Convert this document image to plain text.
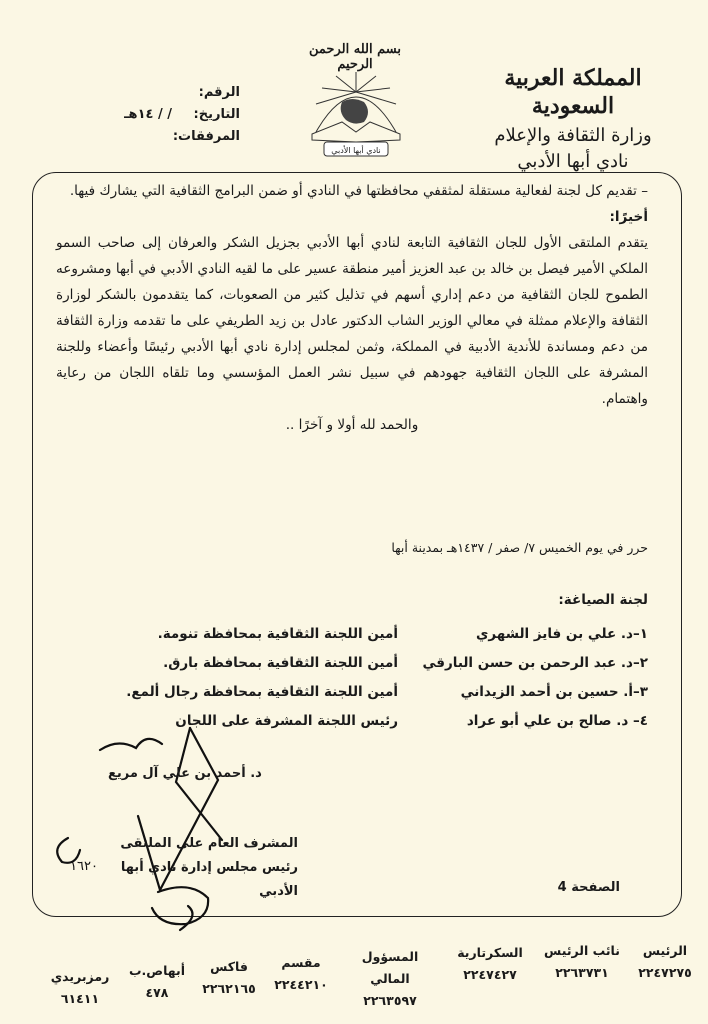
المملكة العربية السعودية
وزارة الثقافة والإعلام
نادي أبها الأدبي
بسم الله الرحمن الرحيم
نادي أبها الأدبي
الرقم:
التاريخ:
/ / ١٤هـ
المرفقات:

– تقديم كل لجنة لفعالية مستقلة لمثقفي محافظتها في النادي أو ضمن البرامج الثقافية التي يشارك فيها.

أخيرًا:

يتقدم الملتقى الأول للجان الثقافية التابعة لنادي أبها الأدبي بجزيل الشكر والعرفان إلى صاحب السمو الملكي الأمير فيصل بن خالد بن عبد العزيز أمير منطقة عسير على ما لقيه النادي الأدبي في أبها ومشروعه الطموح للجان الثقافية من دعم إداري أسهم في تذليل كثير من الصعوبات، كما يتقدمون بالشكر لوزارة الثقافة والإعلام ممثلة في معالي الوزير الشاب الدكتور عادل بن زيد الطريفي على ما تقدمه وزارة الثقافة من دعم ومساندة للأندية الأدبية في المملكة، وثمن لمجلس إدارة نادي أبها الأدبي رئيسًا وأعضاء وللجنة المشرفة على اللجان الثقافية جهودهم في سبيل نشر العمل المؤسسي وما تلقاه اللجان من رعاية واهتمام.

والحمد لله أولا و آخرًا ..

حرر في يوم الخميس ٧/ صفر / ١٤٣٧هـ بمدينة أبها
لجنة الصياغة:
١–د. علي بن فايز الشهري
أمين اللجنة الثقافية بمحافظة تنومة.
٢–د. عبد الرحمن بن حسن البارقي
أمين اللجنة الثقافية بمحافظة بارق.
٣–أ. حسين بن أحمد الزيداني
أمين اللجنة الثقافية بمحافظة رجال ألمع.
٤– د. صالح بن علي أبو عراد
رئيس اللجنة المشرفة على اللجان
١٦٢٠
د. أحمد بن علي آل مريع
المشرف العام على الملتقى
رئيس مجلس إدارة نادي أبها الأدبي	الصفحة 4
الرئيس
٢٢٤٧٢٧٥
نائب الرئيس
٢٢٦٣٧٣١
السكرتارية
٢٢٤٧٤٢٧
المسؤول المالي
٢٢٦٣٥٩٧
مقسم
٢٢٤٤٢١٠
فاكس
٢٢٦٢١٦٥
أبهاص.ب
٤٧٨
رمزبريدي
٦١٤١١
